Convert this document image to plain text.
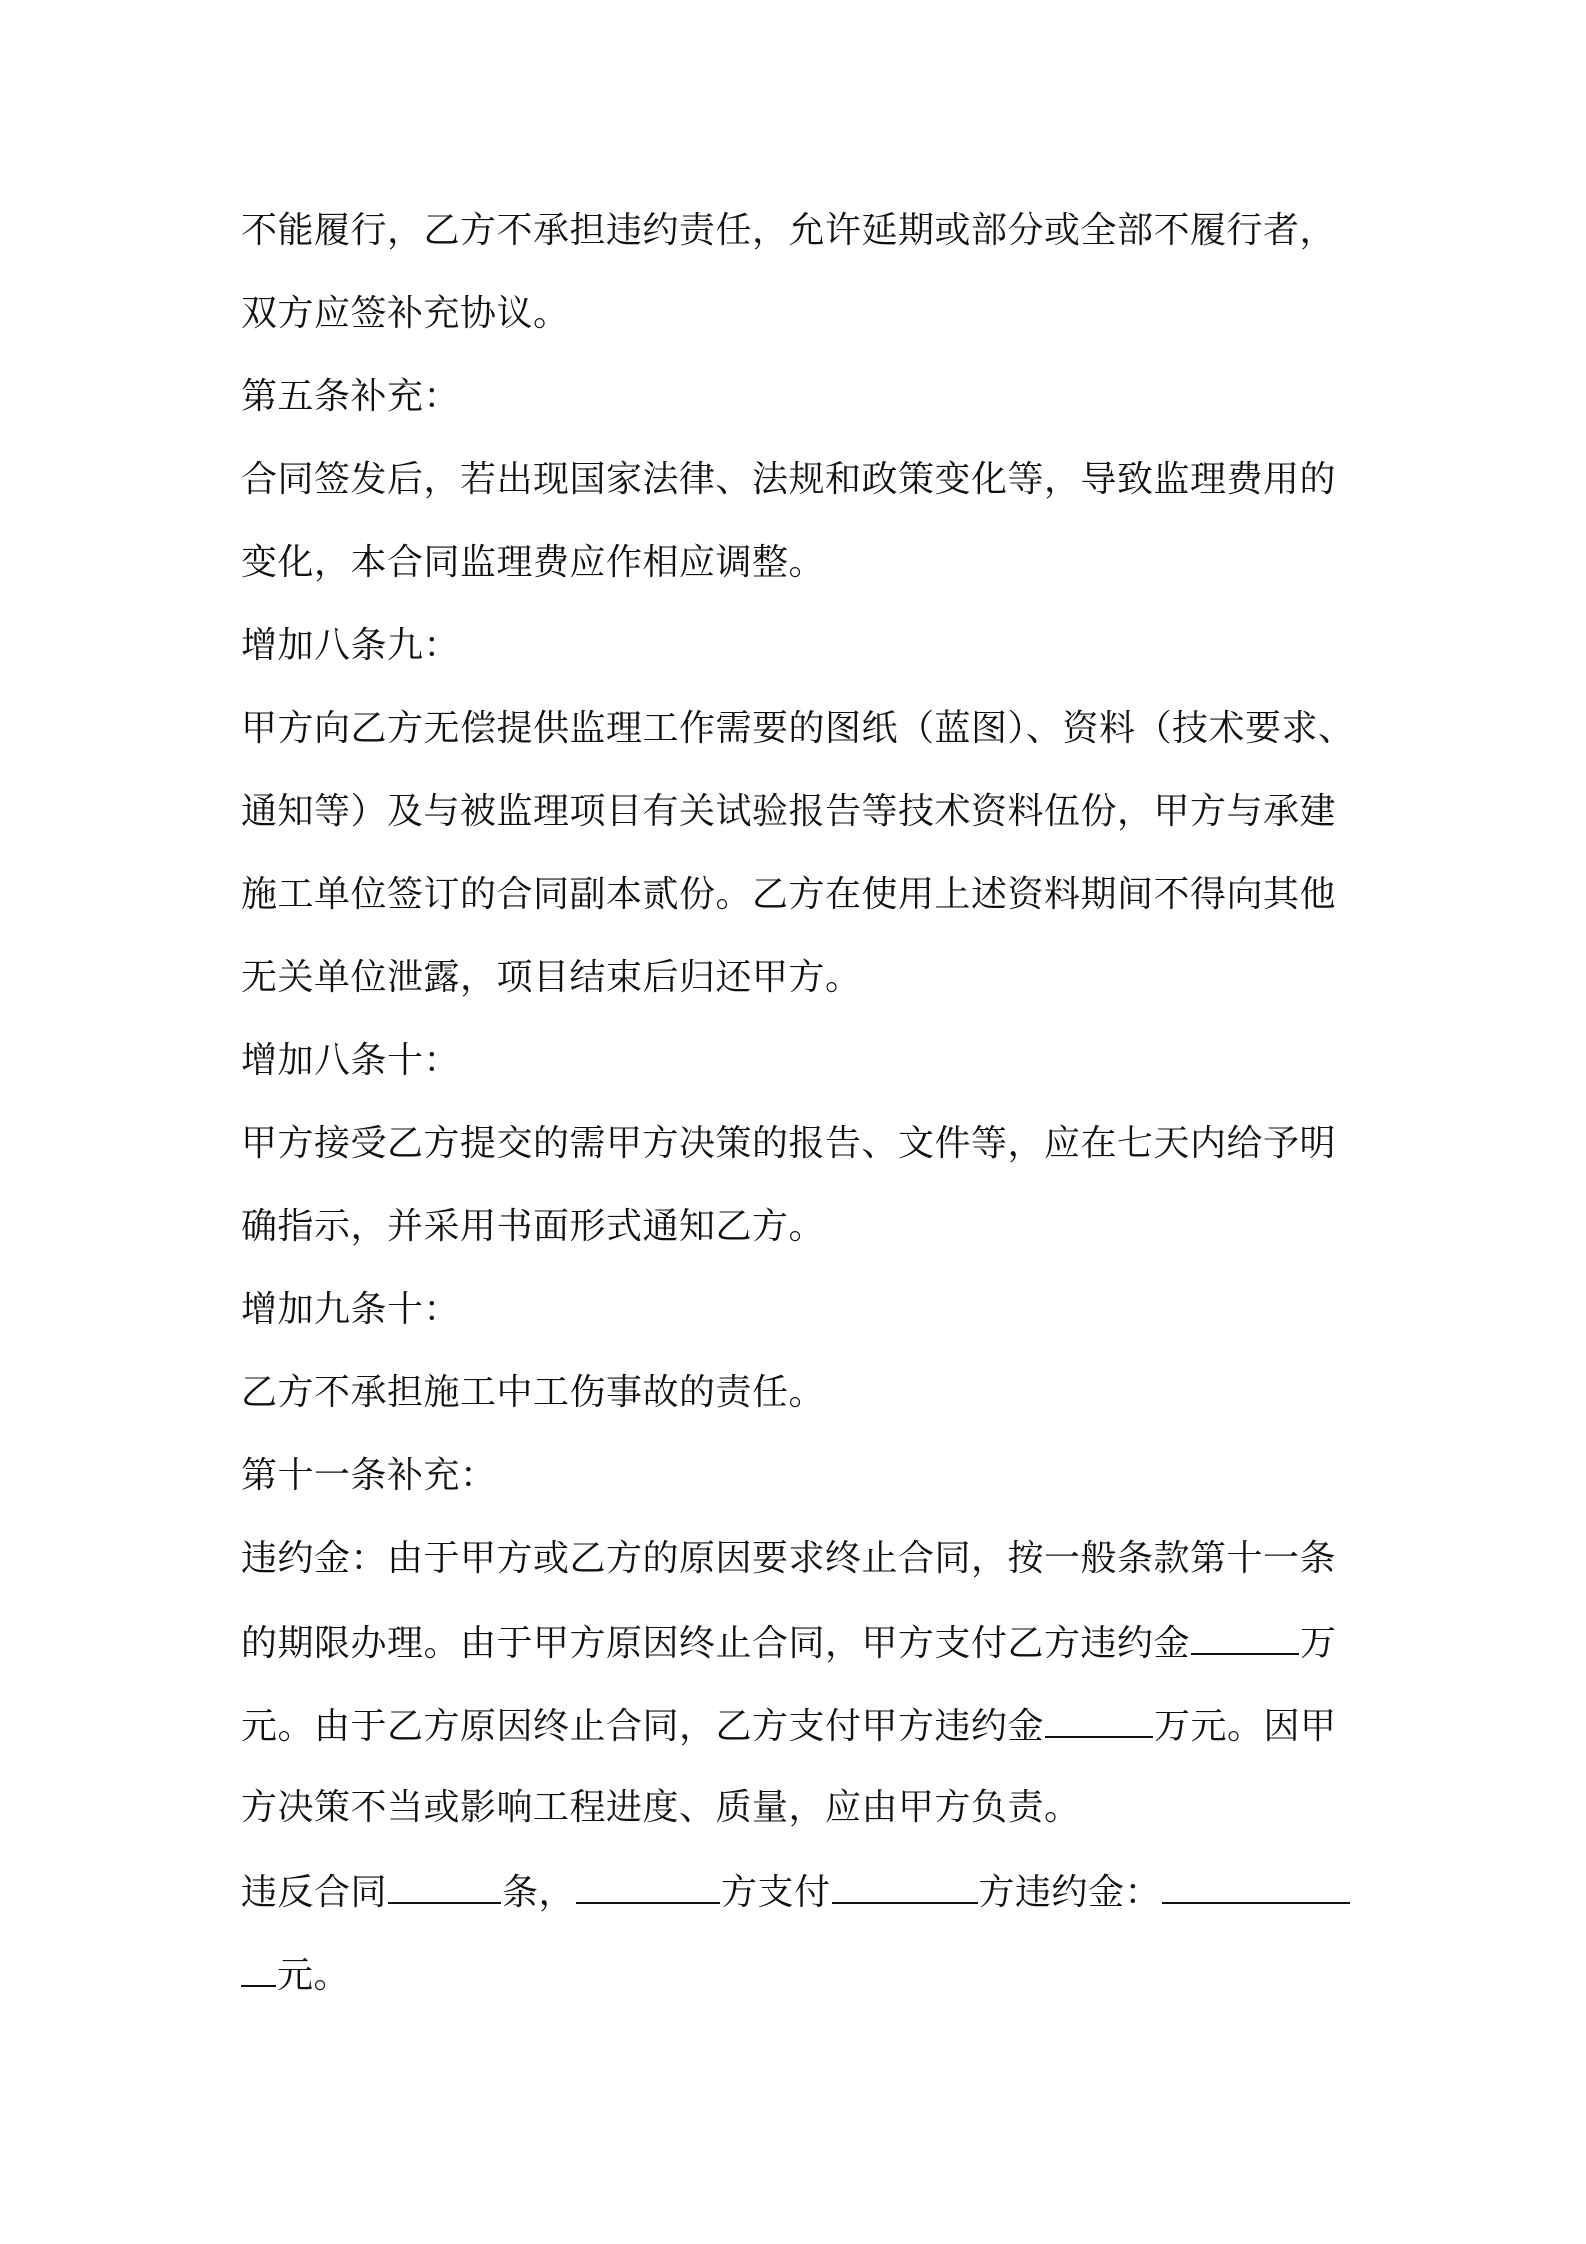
不能履行，乙方不承担违约责任，允许延期或部分或全部不履行者，
双方应签补充协议。
第五条补充：
合同签发后，若出现国家法律、法规和政策变化等，导致监理费用的
变化，本合同监理费应作相应调整。
增加八条九：
甲方向乙方无偿提供监理工作需要的图纸（蓝图）、资料（技术要求、
通知等）及与被监理项目有关试验报告等技术资料伍份，甲方与承建
施工单位签订的合同副本贰份。乙方在使用上述资料期间不得向其他
无关单位泄露，项目结束后归还甲方。
增加八条十：
甲方接受乙方提交的需甲方决策的报告、文件等，应在七天内给予明
确指示，并采用书面形式通知乙方。
增加九条十：
乙方不承担施工中工伤事故的责任。
第十一条补充：
违约金：由于甲方或乙方的原因要求终止合同，按一般条款第十一条
的期限办理。由于甲方原因终止合同，甲方支付乙方违约金	万
元。由于乙方原因终止合同，乙方支付甲方违约金	万元。因甲
方决策不当或影响工程进度、质量，应由甲方负责。
违反合同	条，	方支付	方违约金：
元。
